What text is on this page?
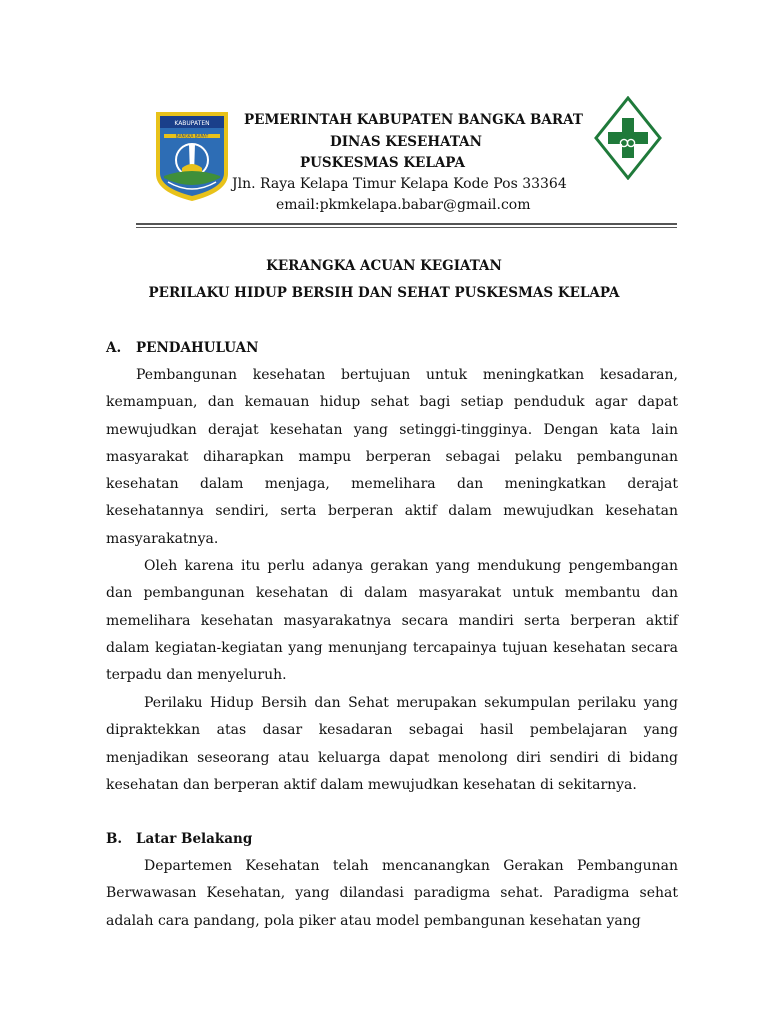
KABUPATEN
BANGKA BARAT
PEMERINTAH KABUPATEN BANGKA BARAT
DINAS KESEHATAN
PUSKESMAS KELAPA
Jln. Raya Kelapa Timur Kelapa Kode Pos 33364
email:pkmkelapa.babar@gmail.com
KERANGKA ACUAN KEGIATAN
PERILAKU HIDUP BERSIH DAN SEHAT PUSKESMAS KELAPA
A. PENDAHULUAN

Pembangunan kesehatan bertujuan untuk meningkatkan kesadaran, kemampuan, dan kemauan hidup sehat bagi setiap penduduk agar dapat mewujudkan derajat kesehatan yang setinggi-tingginya. Dengan kata lain masyarakat diharapkan mampu berperan sebagai pelaku pembangunan kesehatan dalam menjaga, memelihara dan meningkatkan derajat kesehatannya sendiri, serta berperan aktif dalam mewujudkan kesehatan masyarakatnya.

Oleh karena itu perlu adanya gerakan yang mendukung pengembangan dan pembangunan kesehatan di dalam masyarakat untuk membantu dan memelihara kesehatan masyarakatnya secara mandiri serta berperan aktif dalam kegiatan-kegiatan yang menunjang tercapainya tujuan kesehatan secara terpadu dan menyeluruh.

Perilaku Hidup Bersih dan Sehat merupakan sekumpulan perilaku yang dipraktekkan atas dasar kesadaran sebagai hasil pembelajaran yang menjadikan seseorang atau keluarga dapat menolong diri sendiri di bidang kesehatan dan berperan aktif dalam mewujudkan kesehatan di sekitarnya.

B. Latar Belakang

Departemen Kesehatan telah mencanangkan Gerakan Pembangunan Berwawasan Kesehatan, yang dilandasi paradigma sehat. Paradigma sehat adalah cara pandang, pola piker atau model pembangunan kesehatan yang
